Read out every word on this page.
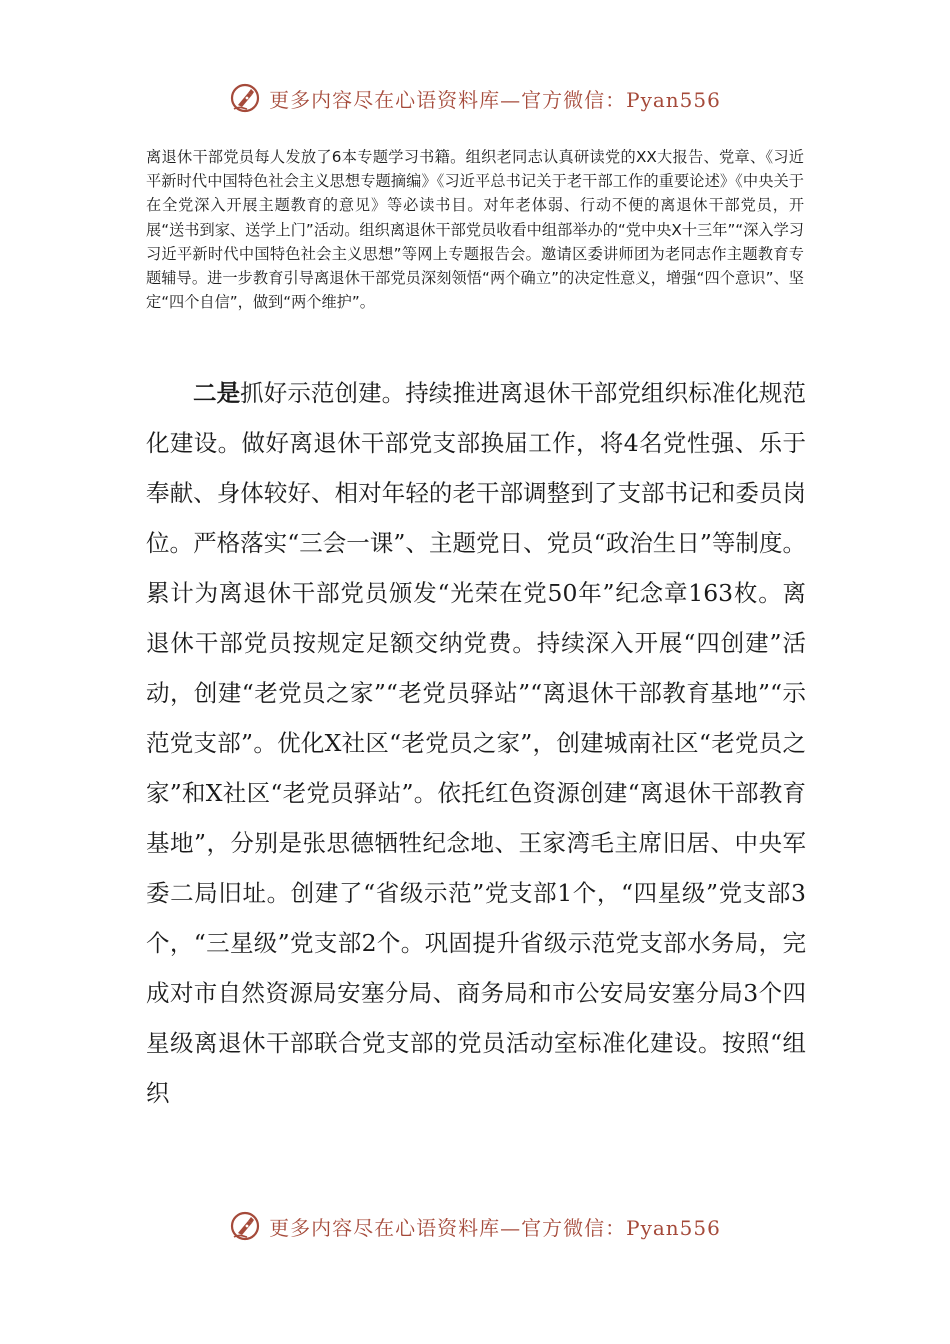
更多内容尽在心语资料库—官方微信：Pyan556

离退休干部党员每人发放了6本专题学习书籍。组织老同志认真研读党的XX大报告、党章、《习近平新时代中国特色社会主义思想专题摘编》《习近平总书记关于老干部工作的重要论述》《中央关于在全党深入开展主题教育的意见》等必读书目。对年老体弱、行动不便的离退休干部党员，开展“送书到家、送学上门”活动。组织离退休干部党员收看中组部举办的“党中央X十三年”“深入学习习近平新时代中国特色社会主义思想”等网上专题报告会。邀请区委讲师团为老同志作主题教育专题辅导。进一步教育引导离退休干部党员深刻领悟“两个确立”的决定性意义，增强“四个意识”、坚定“四个自信”，做到“两个维护”。

二是抓好示范创建。持续推进离退休干部党组织标准化规范化建设。做好离退休干部党支部换届工作，将4名党性强、乐于奉献、身体较好、相对年轻的老干部调整到了支部书记和委员岗位。严格落实“三会一课”、主题党日、党员“政治生日”等制度。累计为离退休干部党员颁发“光荣在党50年”纪念章163枚。离退休干部党员按规定足额交纳党费。持续深入开展“四创建”活动，创建“老党员之家”“老党员驿站”“离退休干部教育基地”“示范党支部”。优化X社区“老党员之家”，创建城南社区“老党员之家”和X社区“老党员驿站”。依托红色资源创建“离退休干部教育基地”，分别是张思德牺牲纪念地、王家湾毛主席旧居、中央军委二局旧址。创建了“省级示范”党支部1个，“四星级”党支部3个，“三星级”党支部2个。巩固提升省级示范党支部水务局，完成对市自然资源局安塞分局、商务局和市公安局安塞分局3个四星级离退休干部联合党支部的党员活动室标准化建设。按照“组织

更多内容尽在心语资料库—官方微信：Pyan556
